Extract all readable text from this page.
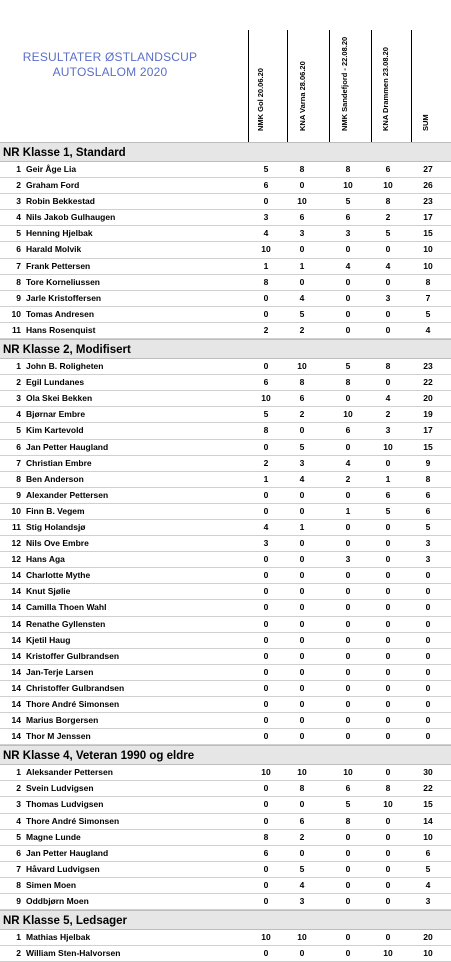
RESULTATER ØSTLANDSCUP
AUTOSLALOM 2020	NMK Gol 20.06.20	KNA Varna 28.06.20	NMK Sandefjord - 22.08.20	KNA Drammen 23.08.20	SUM
NR Klasse 1, Standard
1 Geir Åge Lia	5	8	8	6	27
2 Graham Ford	6	0	10	10	26
3 Robin Bekkestad	0	10	5	8	23
4 Nils Jakob Gulhaugen	3	6	6	2	17
5 Henning Hjelbak	4	3	3	5	15
6 Harald Molvik	10	0	0	0	10
7 Frank Pettersen	1	1	4	4	10
8 Tore Korneliussen	8	0	0	0	8
9 Jarle Kristoffersen	0	4	0	3	7
10 Tomas Andresen	0	5	0	0	5
11 Hans Rosenquist	2	2	0	0	4
NR Klasse 2, Modifisert
1 John B. Roligheten	0	10	5	8	23
2 Egil Lundanes	6	8	8	0	22
3 Ola Skei Bekken	10	6	0	4	20
4 Bjørnar Embre	5	2	10	2	19
5 Kim Kartevold	8	0	6	3	17
6 Jan Petter Haugland	0	5	0	10	15
7 Christian Embre	2	3	4	0	9
8 Ben Anderson	1	4	2	1	8
9 Alexander Pettersen	0	0	0	6	6
10 Finn B. Vegem	0	0	1	5	6
11 Stig Holandsjø	4	1	0	0	5
12 Nils Ove Embre	3	0	0	0	3
12 Hans Aga	0	0	3	0	3
14 Charlotte Mythe	0	0	0	0	0
14 Knut Sjølie	0	0	0	0	0
14 Camilla Thoen Wahl	0	0	0	0	0
14 Renathe Gyllensten	0	0	0	0	0
14 Kjetil Haug	0	0	0	0	0
14 Kristoffer Gulbrandsen	0	0	0	0	0
14 Jan-Terje Larsen	0	0	0	0	0
14 Christoffer Gulbrandsen	0	0	0	0	0
14 Thore André Simonsen	0	0	0	0	0
14 Marius Borgersen	0	0	0	0	0
14 Thor M Jenssen	0	0	0	0	0
NR Klasse 4, Veteran 1990 og eldre
1 Aleksander Pettersen	10	10	10	0	30
2 Svein Ludvigsen	0	8	6	8	22
3 Thomas Ludvigsen	0	0	5	10	15
4 Thore André Simonsen	0	6	8	0	14
5 Magne Lunde	8	2	0	0	10
6 Jan Petter Haugland	6	0	0	0	6
7 Håvard Ludvigsen	0	5	0	0	5
8 Simen Moen	0	4	0	0	4
9 Oddbjørn Moen	0	3	0	0	3
NR Klasse 5, Ledsager
1 Mathias Hjelbak	10	10	0	0	20
2 William Sten-Halvorsen	0	0	0	10	10
